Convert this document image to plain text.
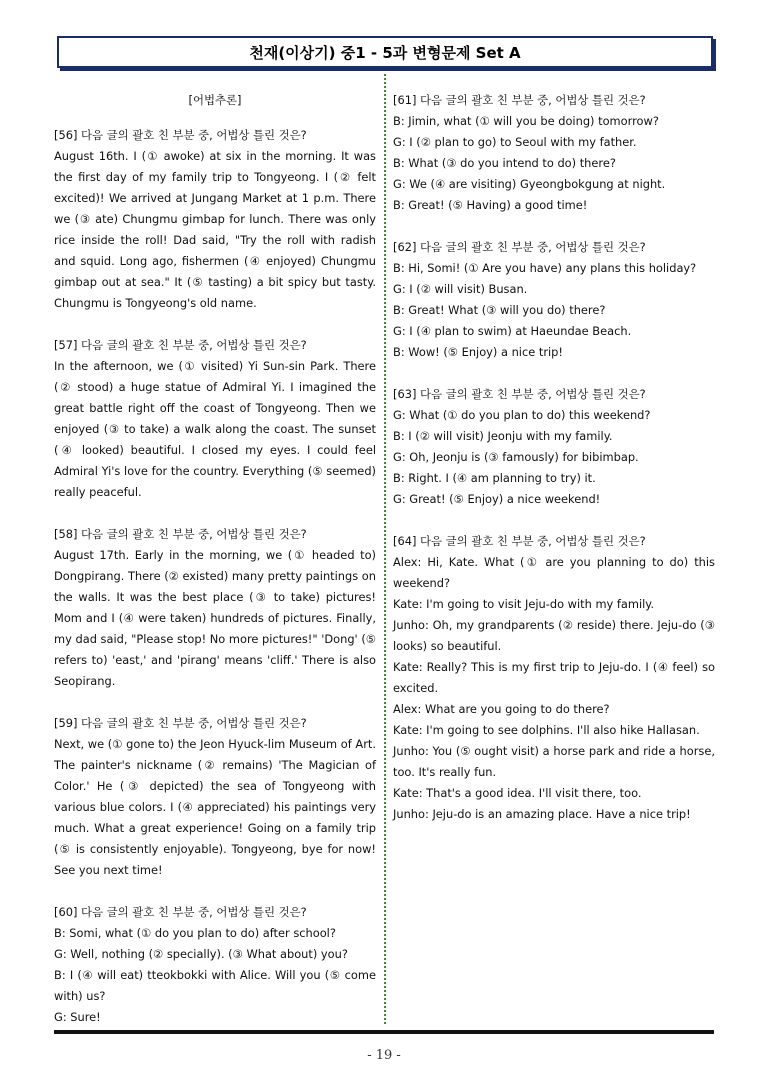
천재(이상기) 중1 - 5과 변형문제 Set A
[어법추론]

[56] 다음 글의 괄호 친 부분 중, 어법상 틀린 것은?

August 16th. I (① awoke) at six in the morning. It was the first day of my family trip to Tongyeong. I (② felt excited)! We arrived at Jungang Market at 1 p.m. There we (③ ate) Chungmu gimbap for lunch. There was only rice inside the roll! Dad said, "Try the roll with radish and squid. Long ago, fishermen (④ enjoyed) Chungmu gimbap out at sea." It (⑤ tasting) a bit spicy but tasty. Chungmu is Tongyeong's old name.

[57] 다음 글의 괄호 친 부분 중, 어법상 틀린 것은?

In the afternoon, we (① visited) Yi Sun-sin Park. There (② stood) a huge statue of Admiral Yi. I imagined the great battle right off the coast of Tongyeong. Then we enjoyed (③ to take) a walk along the coast. The sunset (④ looked) beautiful. I closed my eyes. I could feel Admiral Yi's love for the country. Everything (⑤ seemed) really peaceful.

[58] 다음 글의 괄호 친 부분 중, 어법상 틀린 것은?

August 17th. Early in the morning, we (① headed to) Dongpirang. There (② existed) many pretty paintings on the walls. It was the best place (③ to take) pictures! Mom and I (④ were taken) hundreds of pictures. Finally, my dad said, "Please stop! No more pictures!" 'Dong' (⑤ refers to) 'east,' and 'pirang' means 'cliff.' There is also Seopirang.

[59] 다음 글의 괄호 친 부분 중, 어법상 틀린 것은?

Next, we (① gone to) the Jeon Hyuck-lim Museum of Art. The painter's nickname (② remains) 'The Magician of Color.' He (③ depicted) the sea of Tongyeong with various blue colors. I (④ appreciated) his paintings very much. What a great experience! Going on a family trip (⑤ is consistently enjoyable). Tongyeong, bye for now! See you next time!

[60] 다음 글의 괄호 친 부분 중, 어법상 틀린 것은?

B: Somi, what (① do you plan to do) after school?

G: Well, nothing (② specially). (③ What about) you?

B: I (④ will eat) tteokbokki with Alice. Will you (⑤ come with) us?

G: Sure!

[61] 다음 글의 괄호 친 부분 중, 어법상 틀린 것은?

B: Jimin, what (① will you be doing) tomorrow?

G: I (② plan to go) to Seoul with my father.

B: What (③ do you intend to do) there?

G: We (④ are visiting) Gyeongbokgung at night.

B: Great! (⑤ Having) a good time!

[62] 다음 글의 괄호 친 부분 중, 어법상 틀린 것은?

B: Hi, Somi! (① Are you have) any plans this holiday?

G: I (② will visit) Busan.

B: Great! What (③ will you do) there?

G: I (④ plan to swim) at Haeundae Beach.

B: Wow! (⑤ Enjoy) a nice trip!

[63] 다음 글의 괄호 친 부분 중, 어법상 틀린 것은?

G: What (① do you plan to do) this weekend?

B: I (② will visit) Jeonju with my family.

G: Oh, Jeonju is (③ famously) for bibimbap.

B: Right. I (④ am planning to try) it.

G: Great! (⑤ Enjoy) a nice weekend!

[64] 다음 글의 괄호 친 부분 중, 어법상 틀린 것은?

Alex: Hi, Kate. What (① are you planning to do) this weekend?

Kate: I'm going to visit Jeju-do with my family.

Junho: Oh, my grandparents (② reside) there. Jeju-do (③ looks) so beautiful.

Kate: Really? This is my first trip to Jeju-do. I (④ feel) so excited.

Alex: What are you going to do there?

Kate: I'm going to see dolphins. I'll also hike Hallasan.

Junho: You (⑤ ought visit) a horse park and ride a horse, too. It's really fun.

Kate: That's a good idea. I'll visit there, too.

Junho: Jeju-do is an amazing place. Have a nice trip!

- 19 -
